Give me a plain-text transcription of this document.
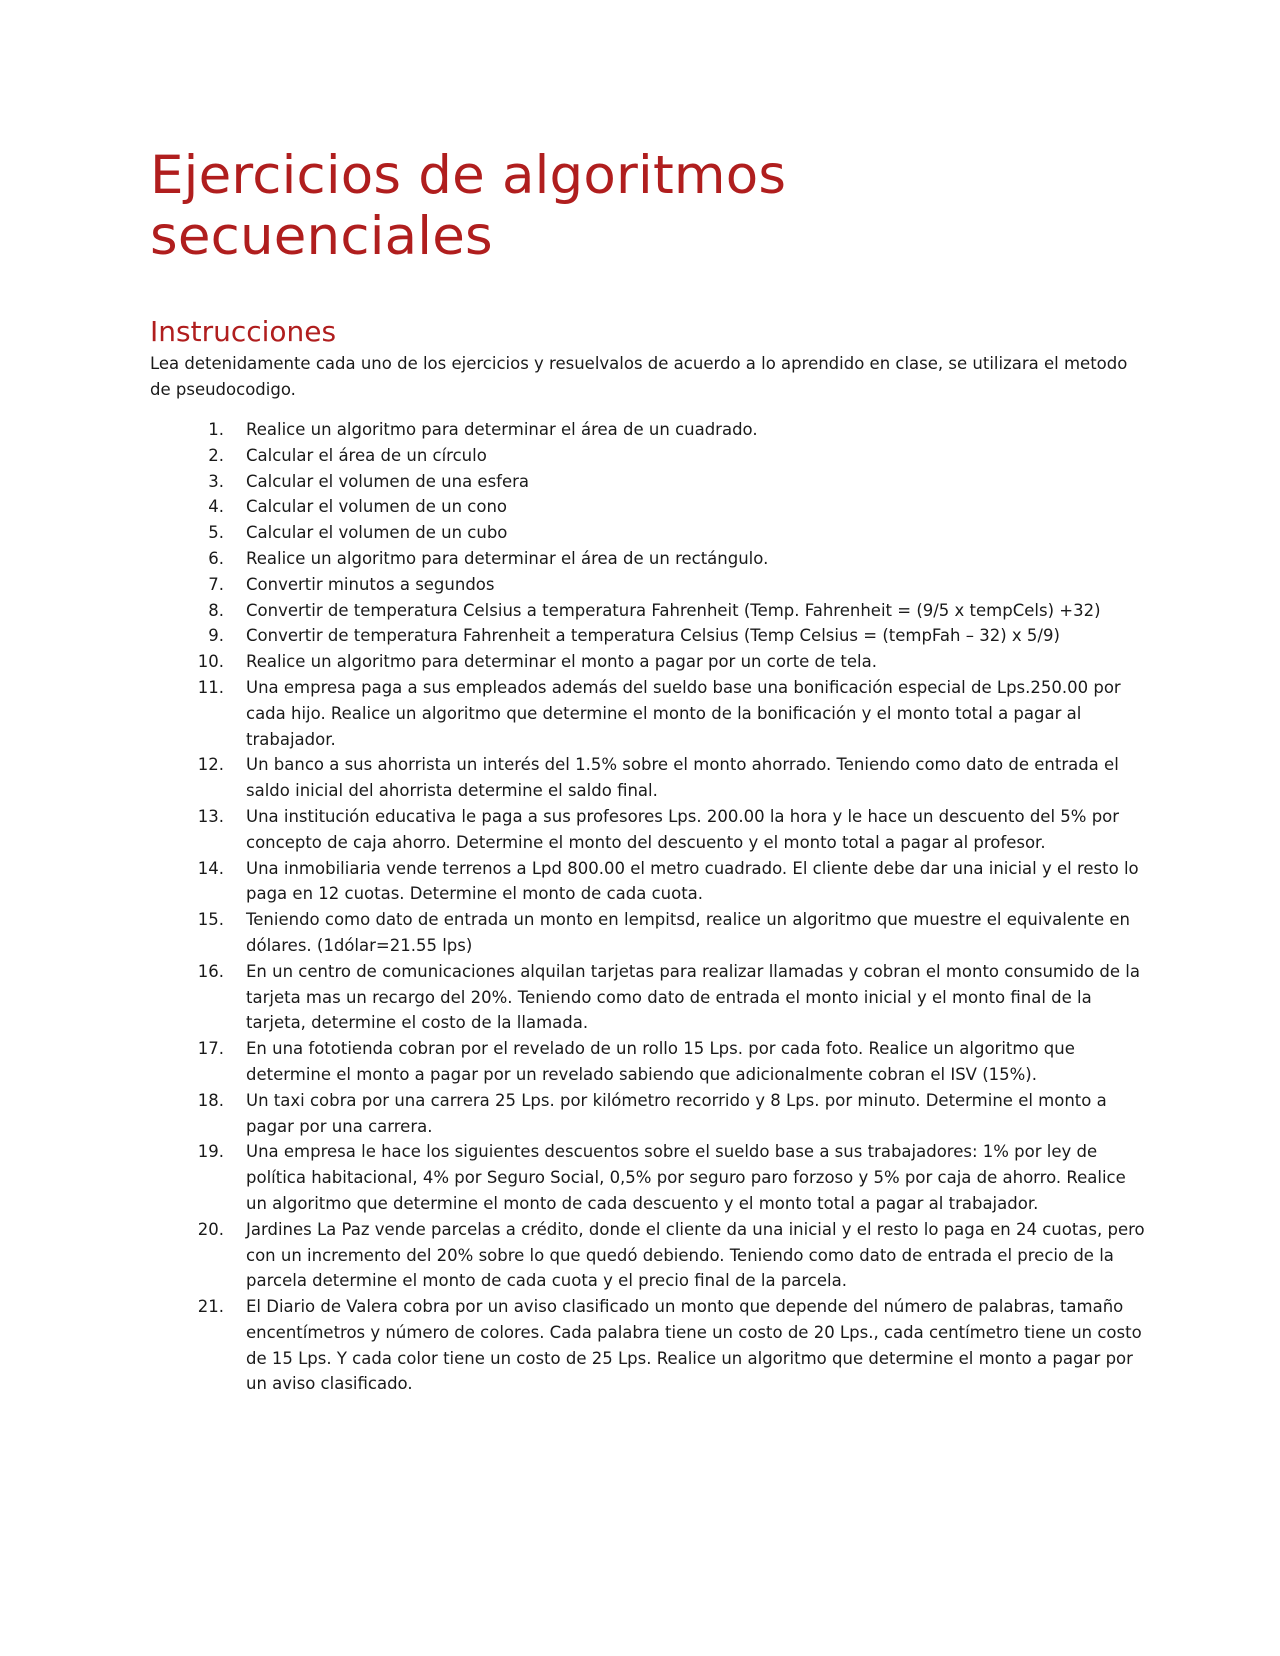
Ejercicios de algoritmos secuenciales
Instrucciones

Lea detenidamente cada uno de los ejercicios y resuelvalos de acuerdo a lo aprendido en clase, se utilizara el metodo de pseudocodigo.

1. Realice un algoritmo para determinar el área de un cuadrado.
2. Calcular el área de un círculo
3. Calcular el volumen de una esfera
4. Calcular el volumen de un cono
5. Calcular el volumen de un cubo
6. Realice un algoritmo para determinar el área de un rectángulo.
7. Convertir minutos a segundos
8. Convertir de temperatura Celsius a temperatura Fahrenheit (Temp. Fahrenheit = (9/5 x tempCels) +32)
9. Convertir de temperatura Fahrenheit a temperatura Celsius (Temp Celsius = (tempFah – 32) x 5/9)
10. Realice un algoritmo para determinar el monto a pagar por un corte de tela.
11. Una empresa paga a sus empleados además del sueldo base una bonificación especial de Lps.250.00 por cada hijo. Realice un algoritmo que determine el monto de la bonificación y el monto total a pagar al trabajador.
12. Un banco a sus ahorrista un interés del 1.5% sobre el monto ahorrado. Teniendo como dato de entrada el saldo inicial del ahorrista determine el saldo final.
13. Una institución educativa le paga a sus profesores Lps. 200.00 la hora y le hace un descuento del 5% por concepto de caja ahorro. Determine el monto del descuento y el monto total a pagar al profesor.
14. Una inmobiliaria vende terrenos a Lpd 800.00 el metro cuadrado. El cliente debe dar una inicial y el resto lo paga en 12 cuotas. Determine el monto de cada cuota.
15. Teniendo como dato de entrada un monto en lempitsd, realice un algoritmo que muestre el equivalente en dólares. (1dólar=21.55 lps)
16. En un centro de comunicaciones alquilan tarjetas para realizar llamadas y cobran el monto consumido de la tarjeta mas un recargo del 20%. Teniendo como dato de entrada el monto inicial y el monto final de la tarjeta, determine el costo de la llamada.
17. En una fototienda cobran por el revelado de un rollo 15 Lps. por cada foto. Realice un algoritmo que determine el monto a pagar por un revelado sabiendo que adicionalmente cobran el ISV (15%).
18. Un taxi cobra por una carrera 25 Lps. por kilómetro recorrido y 8 Lps. por minuto. Determine el monto a pagar por una carrera.
19. Una empresa le hace los siguientes descuentos sobre el sueldo base a sus trabajadores: 1% por ley de política habitacional, 4% por Seguro Social, 0,5% por seguro paro forzoso y 5% por caja de ahorro. Realice un algoritmo que determine el monto de cada descuento y el monto total a pagar al trabajador.
20. Jardines La Paz vende parcelas a crédito, donde el cliente da una inicial y el resto lo paga en 24 cuotas, pero con un incremento del 20% sobre lo que quedó debiendo. Teniendo como dato de entrada el precio de la parcela determine el monto de cada cuota y el precio final de la parcela.
21. El Diario de Valera cobra por un aviso clasificado un monto que depende del número de palabras, tamaño encentímetros y número de colores. Cada palabra tiene un costo de 20 Lps., cada centímetro tiene un costo de 15 Lps. Y cada color tiene un costo de 25 Lps. Realice un algoritmo que determine el monto a pagar por un aviso clasificado.
